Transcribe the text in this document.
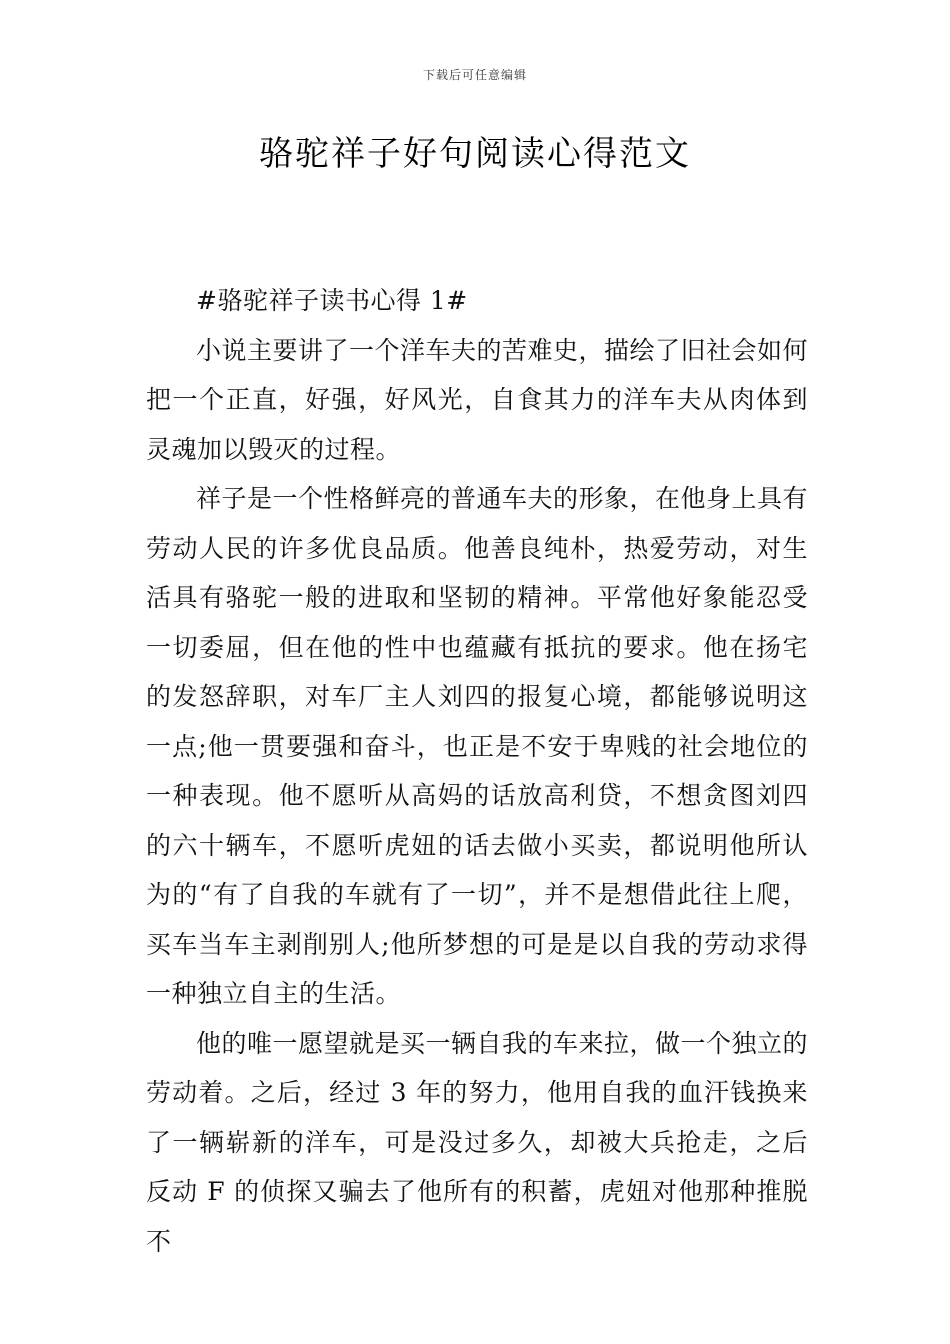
下载后可任意编辑
骆驼祥子好句阅读心得范文

#骆驼祥子读书心得 1#

小说主要讲了一个洋车夫的苦难史，描绘了旧社会如何把一个正直，好强，好风光，自食其力的洋车夫从肉体到灵魂加以毁灭的过程。

祥子是一个性格鲜亮的普通车夫的形象，在他身上具有劳动人民的许多优良品质。他善良纯朴，热爱劳动，对生活具有骆驼一般的进取和坚韧的精神。平常他好象能忍受一切委屈，但在他的性中也蕴藏有抵抗的要求。他在扬宅的发怒辞职，对车厂主人刘四的报复心境，都能够说明这一点;他一贯要强和奋斗，也正是不安于卑贱的社会地位的一种表现。他不愿听从高妈的话放高利贷，不想贪图刘四的六十辆车，不愿听虎妞的话去做小买卖，都说明他所认为的“有了自我的车就有了一切”，并不是想借此往上爬，买车当车主剥削别人;他所梦想的可是是以自我的劳动求得一种独立自主的生活。

他的唯一愿望就是买一辆自我的车来拉，做一个独立的劳动着。之后，经过 3 年的努力，他用自我的血汗钱换来了一辆崭新的洋车，可是没过多久，却被大兵抢走，之后反动 F 的侦探又骗去了他所有的积蓄，虎妞对他那种推脱不
